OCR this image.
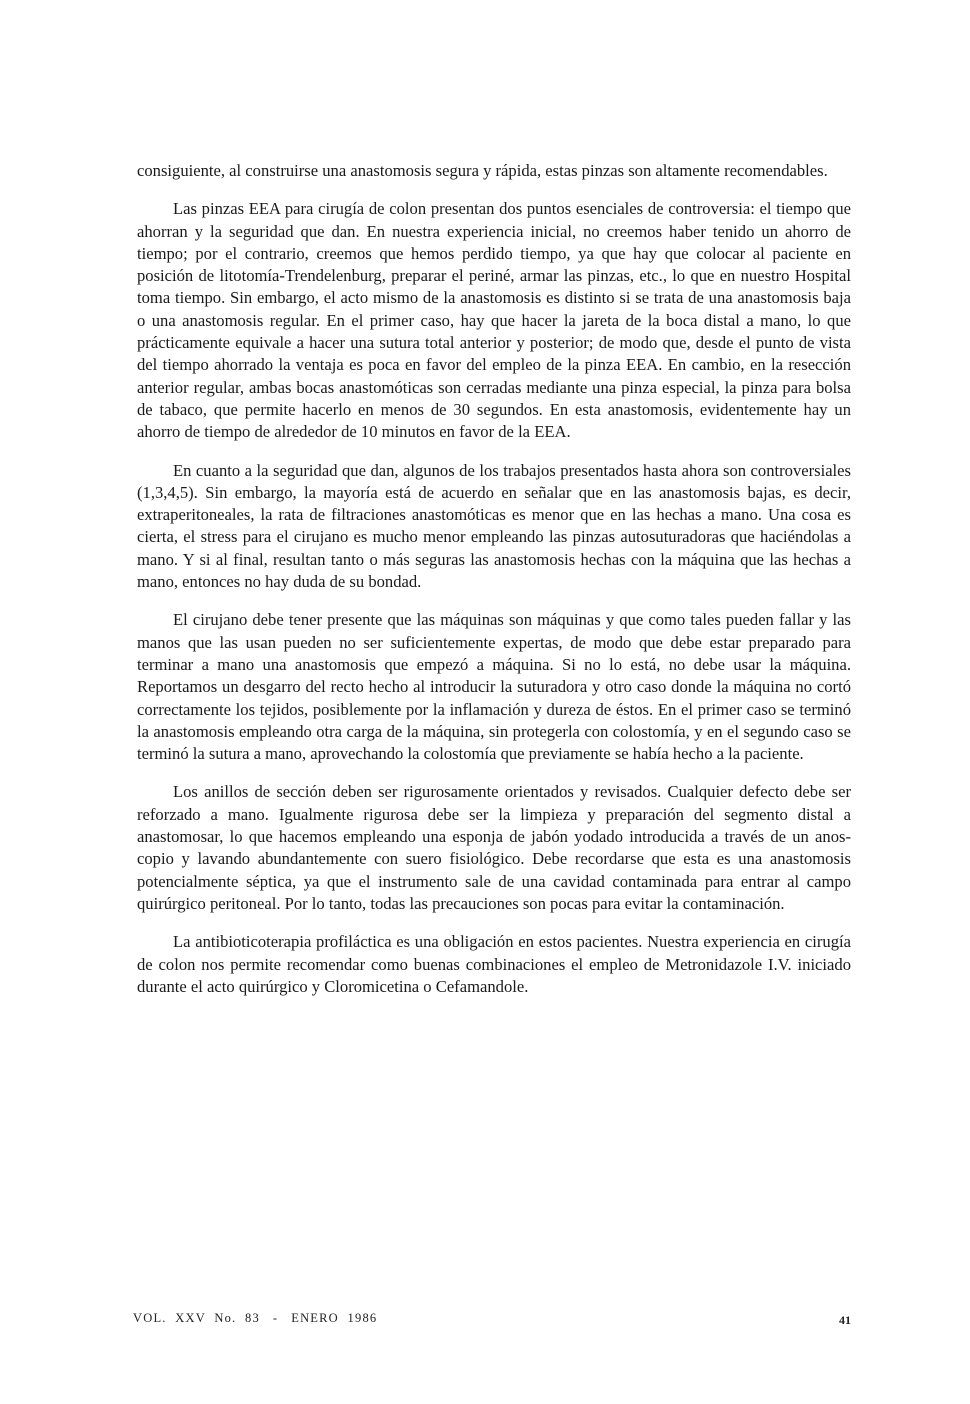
consiguiente, al construirse una anastomosis segura y rápida, estas pinzas son altamente recomendables.

Las pinzas EEA para cirugía de colon presentan dos puntos esenciales de controversia: el tiempo que ahorran y la seguridad que dan. En nuestra experiencia inicial, no creemos haber tenido un ahorro de tiempo; por el contrario, creemos que hemos perdido tiempo, ya que hay que colocar al paciente en posición de litotomía-Trendelenburg, preparar el periné, armar las pinzas, etc., lo que en nuestro Hospital toma tiempo. Sin embargo, el acto mismo de la anastomosis es distinto si se trata de una anastomosis baja o una anastomosis regular. En el primer caso, hay que hacer la jareta de la boca distal a mano, lo que prácticamente equivale a hacer una sutura total anterior y posterior; de modo que, desde el punto de vista del tiempo ahorrado la ventaja es poca en favor del empleo de la pinza EEA. En cambio, en la resección anterior regular, ambas bocas anastomóticas son cerradas mediante una pinza especial, la pinza para bolsa de tabaco, que permite hacerlo en menos de 30 segundos. En esta anastomosis, evidentemente hay un ahorro de tiempo de alrededor de 10 minutos en favor de la EEA.

En cuanto a la seguridad que dan, algunos de los trabajos presentados hasta ahora son controversiales (1,3,4,5). Sin embargo, la mayoría está de acuerdo en señalar que en las anastomosis bajas, es decir, extraperitoneales, la rata de filtraciones anastomóticas es menor que en las hechas a mano. Una cosa es cierta, el stress para el cirujano es mucho menor empleando las pinzas autosuturadoras que haciéndolas a mano. Y si al final, resultan tanto o más seguras las anastomosis hechas con la máquina que las hechas a mano, entonces no hay duda de su bondad.

El cirujano debe tener presente que las máquinas son máquinas y que como tales pueden fallar y las manos que las usan pueden no ser suficientemente expertas, de modo que debe estar preparado para terminar a mano una anastomosis que empezó a máquina. Si no lo está, no debe usar la máquina. Reportamos un desgarro del recto hecho al introducir la suturadora y otro caso donde la máquina no cortó correctamente los tejidos, posiblemente por la inflamación y dureza de éstos. En el primer caso se terminó la anastomosis empleando otra carga de la máquina, sin protegerla con colostomía, y en el segundo caso se terminó la sutura a mano, aprovechando la colostomía que previamente se había hecho a la paciente.

Los anillos de sección deben ser rigurosamente orientados y revisados. Cualquier defecto debe ser reforzado a mano. Igualmente rigurosa debe ser la limpieza y preparación del segmento distal a anastomosar, lo que hacemos empleando una esponja de jabón yodado introducida a través de un anoscopio y lavando abundantemente con suero fisiológico. Debe recordarse que esta es una anastomosis potencialmente séptica, ya que el instrumento sale de una cavidad contaminada para entrar al campo quirúrgico peritoneal. Por lo tanto, todas las precauciones son pocas para evitar la contaminación.

La antibioticoterapia profiláctica es una obligación en estos pacientes. Nuestra experiencia en cirugía de colon nos permite recomendar como buenas combinaciones el empleo de Metronidazole I.V. iniciado durante el acto quirúrgico y Cloromicetina o Cefamandole.

VOL.  XXV  No.  83   -   ENERO  1986	41
